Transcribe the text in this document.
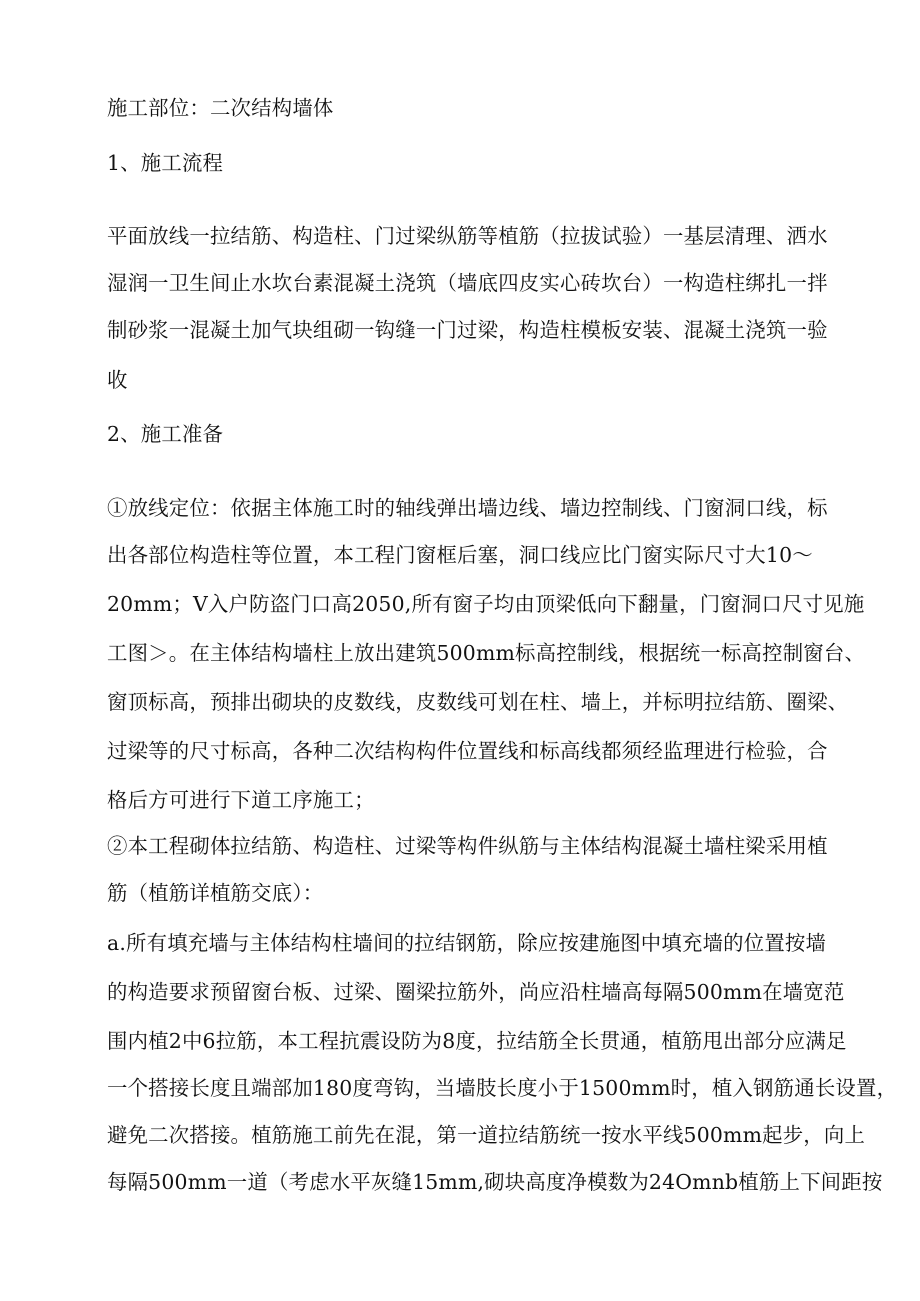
施工部位：二次结构墙体
1、施工流程
平面放线一拉结筋、构造柱、门过梁纵筋等植筋（拉拔试验）一基层清理、洒水
湿润一卫生间止水坎台素混凝土浇筑（墙底四皮实心砖坎台）一构造柱绑扎一拌
制砂浆一混凝土加气块组砌一钩缝一门过梁，构造柱模板安装、混凝土浇筑一验
收
2、施工准备
①放线定位：依据主体施工时的轴线弹出墙边线、墙边控制线、门窗洞口线，标
出各部位构造柱等位置，本工程门窗框后塞，洞口线应比门窗实际尺寸大10～
20mm；V入户防盗门口高2050,所有窗子均由顶梁低向下翻量，门窗洞口尺寸见施
工图＞。在主体结构墙柱上放出建筑500mm标高控制线，根据统一标高控制窗台、
窗顶标高，预排出砌块的皮数线，皮数线可划在柱、墙上，并标明拉结筋、圈梁、
过梁等的尺寸标高，各种二次结构构件位置线和标高线都须经监理进行检验，合
格后方可进行下道工序施工；
②本工程砌体拉结筋、构造柱、过梁等构件纵筋与主体结构混凝土墙柱梁采用植
筋（植筋详植筋交底）：
a.所有填充墙与主体结构柱墙间的拉结钢筋，除应按建施图中填充墙的位置按墙
的构造要求预留窗台板、过梁、圈梁拉筋外，尚应沿柱墙高每隔500mm在墙宽范
围内植2中6拉筋，本工程抗震设防为8度，拉结筋全长贯通，植筋甩出部分应满足
一个搭接长度且端部加180度弯钩，当墙肢长度小于1500mm时，植入钢筋通长设置，
避免二次搭接。植筋施工前先在混，第一道拉结筋统一按水平线500mm起步，向上
每隔500mm一道（考虑水平灰缝15mm,砌块高度净模数为24Omnb植筋上下间距按
